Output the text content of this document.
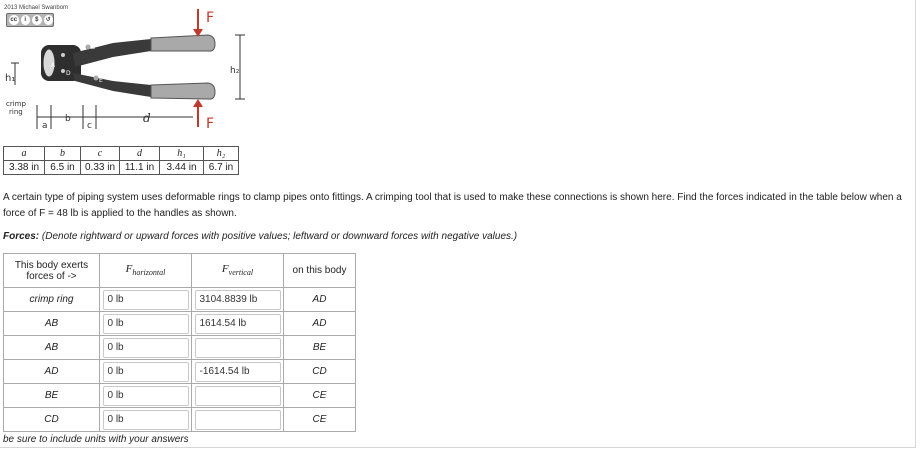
F
F
h₂
h₁
crimp
ring
a
b
c
d
A
B
C
D
E
2013 Michael Swanbom
cc	i	$	↺
a	b	c	d	h₁	h₂
3.38 in	6.5 in	0.33 in	11.1 in	3.44 in	6.7 in
A certain type of piping system uses deformable rings to clamp pipes onto fittings. A crimping tool that is used to make these connections is shown here. Find the forces indicated in the table below when a force of F = 48 lb is applied to the handles as shown.
Forces: (Denote rightward or upward forces with positive values; leftward or downward forces with negative values.)
This body exerts forces of ->	$F_{horizontal}$	$F_{vertical}$	on this body
crimp ring	0 lb	3104.8839 lb	AD
AB	0 lb	1614.54 lb	AD
AB	0 lb		BE
AD	0 lb	-1614.54 lb	CD
BE	0 lb		CE
CD	0 lb		CE
be sure to include units with your answers
